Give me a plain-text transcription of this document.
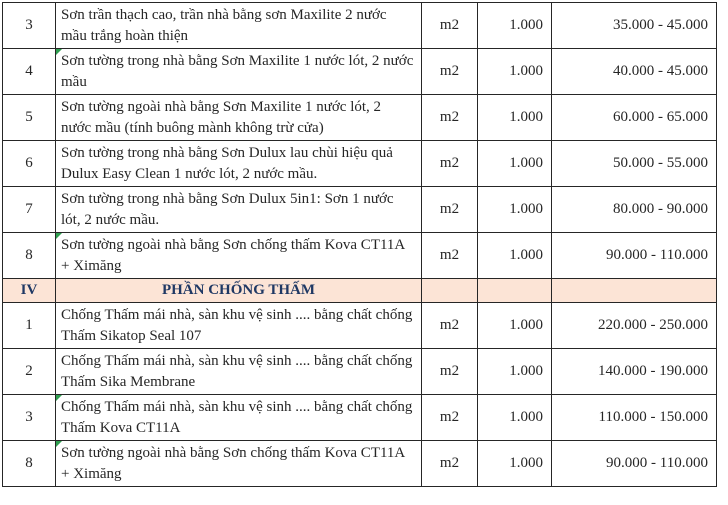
3	Sơn trần thạch cao, trần nhà bằng sơn Maxilite 2 nước mầu trắng hoàn thiện	m2	1.000	35.000 - 45.000
4	Sơn tường trong nhà bằng Sơn Maxilite 1 nước lót, 2 nước mầu	m2	1.000	40.000 - 45.000
5	Sơn tường ngoài nhà bằng Sơn Maxilite 1 nước lót, 2 nước mầu (tính buông mành không trừ cửa)	m2	1.000	60.000 - 65.000
6	Sơn tường trong nhà bằng Sơn Dulux lau chùi hiệu quả Dulux Easy Clean 1 nước lót, 2 nước mầu.	m2	1.000	50.000 - 55.000
7	Sơn tường trong nhà bằng Sơn Dulux 5in1: Sơn 1 nước lót, 2 nước mầu.	m2	1.000	80.000 - 90.000
8	Sơn tường ngoài nhà bằng Sơn chống thấm Kova CT11A + Ximăng	m2	1.000	90.000 - 110.000
IV	PHẦN CHỐNG THẤM			
1	Chống Thấm mái nhà, sàn khu vệ sinh .... bằng chất chống Thấm Sikatop Seal 107	m2	1.000	220.000 - 250.000
2	Chống Thấm mái nhà, sàn khu vệ sinh .... bằng chất chống Thấm Sika Membrane	m2	1.000	140.000 - 190.000
3	Chống Thấm mái nhà, sàn khu vệ sinh .... bằng chất chống Thấm Kova CT11A	m2	1.000	110.000 - 150.000
8	Sơn tường ngoài nhà bằng Sơn chống thấm Kova CT11A + Ximăng	m2	1.000	90.000 - 110.000
